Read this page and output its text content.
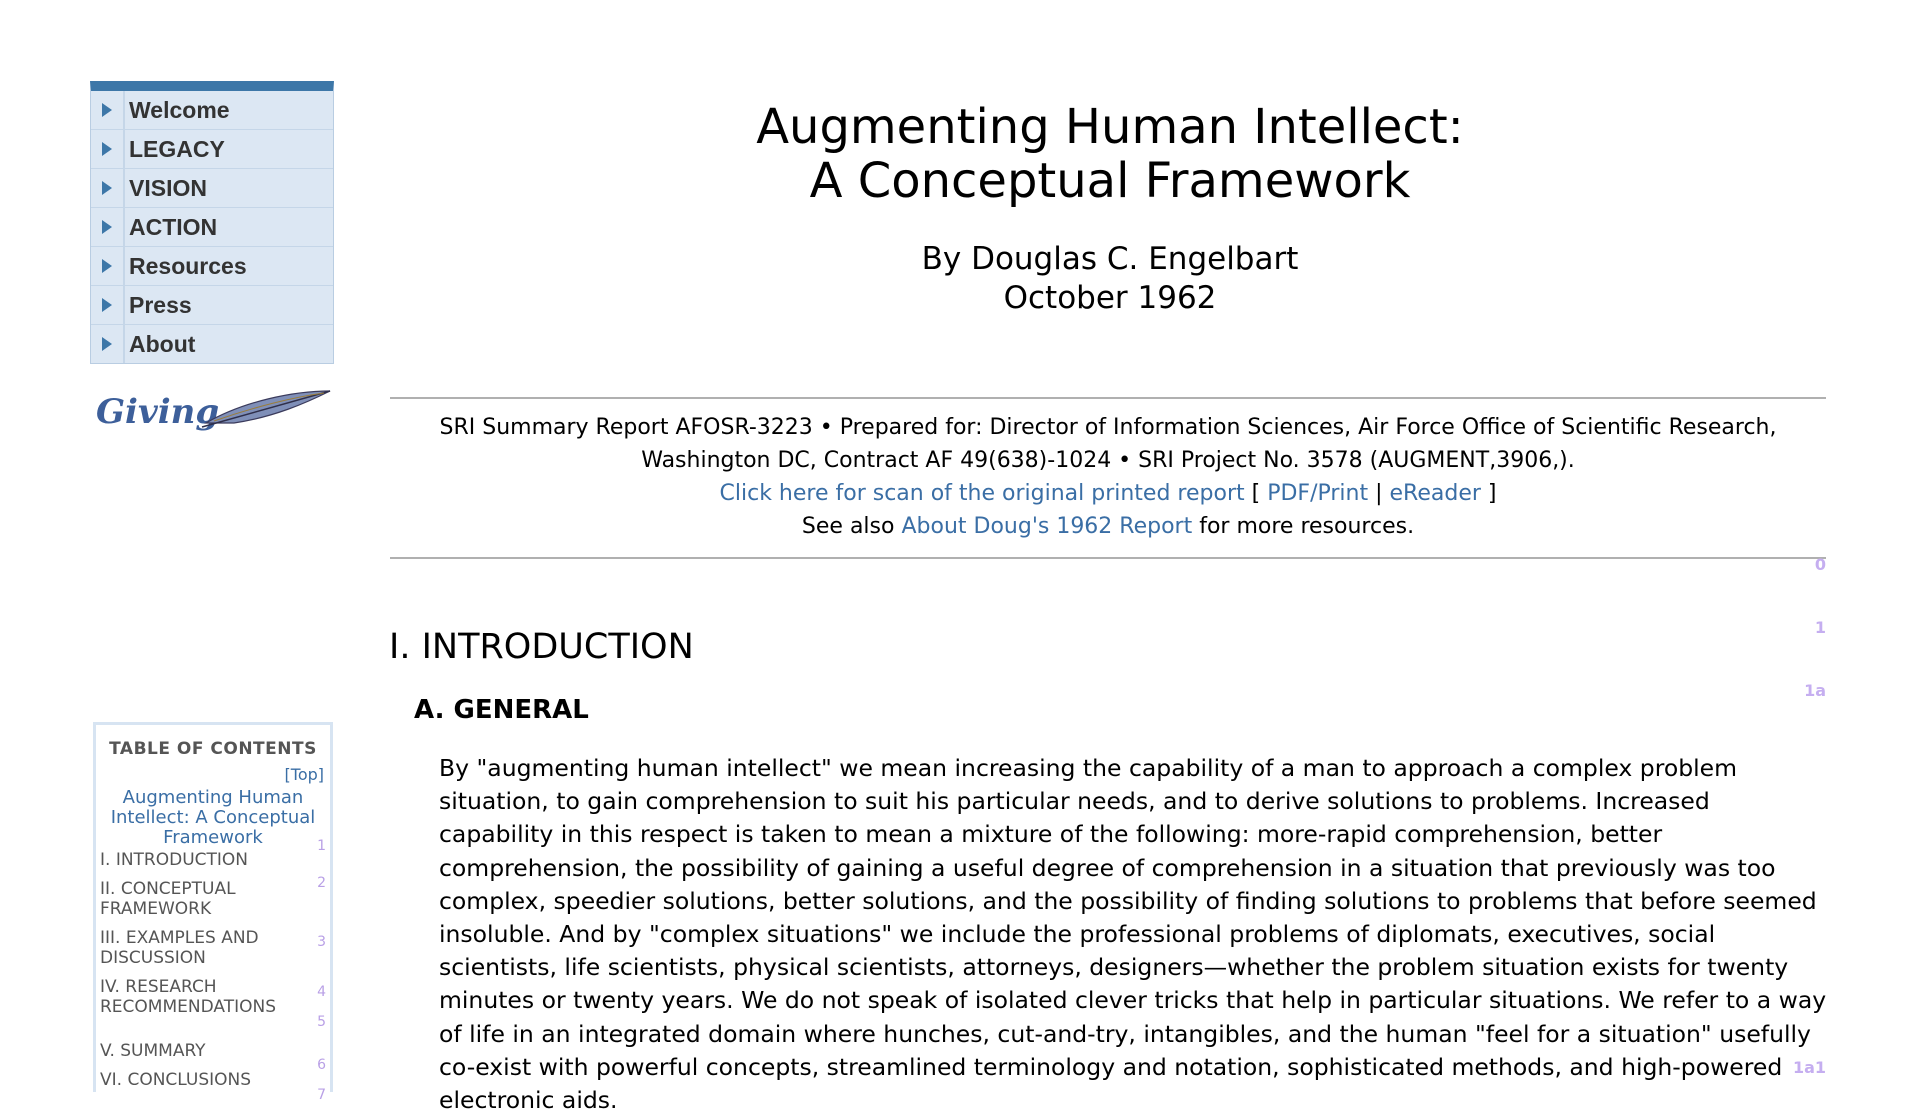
Welcome
LEGACY
VISION
ACTION
Resources
Press
About
Giving
TABLE OF CONTENTS
[Top]
Augmenting Human Intellect: A Conceptual Framework
I. INTRODUCTION
1
II. CONCEPTUAL FRAMEWORK
2
III. EXAMPLES AND DISCUSSION
3
IV. RESEARCH RECOMMENDATIONS
4
5
V. SUMMARY
VI. CONCLUSIONS
6
7
Augmenting Human Intellect:
A Conceptual Framework
By Douglas C. Engelbart
October 1962
SRI Summary Report AFOSR-3223 • Prepared for: Director of Information Sciences, Air Force Office of Scientific Research,
Washington DC, Contract AF 49(638)-1024 • SRI Project No. 3578 (AUGMENT,3906,).
Click here for scan of the original printed report [ PDF/Print | eReader ]
See also About Doug's 1962 Report for more resources.
0
1
1a
I. INTRODUCTION
A. GENERAL

By "augmenting human intellect" we mean increasing the capability of a man to approach a complex problem situation, to gain comprehension to suit his particular needs, and to derive solutions to problems. Increased capability in this respect is taken to mean a mixture of the following: more-rapid comprehension, better comprehension, the possibility of gaining a useful degree of comprehension in a situation that previously was too complex, speedier solutions, better solutions, and the possibility of finding solutions to problems that before seemed insoluble. And by "complex situations" we include the professional problems of diplomats, executives, social scientists, life scientists, physical scientists, attorneys, designers—whether the problem situation exists for twenty minutes or twenty years. We do not speak of isolated clever tricks that help in particular situations. We refer to a way of life in an integrated domain where hunches, cut-and-try, intangibles, and the human "feel for a situation" usefully co-exist with powerful concepts, streamlined terminology and notation, sophisticated methods, and high-powered electronic aids.

1a1
